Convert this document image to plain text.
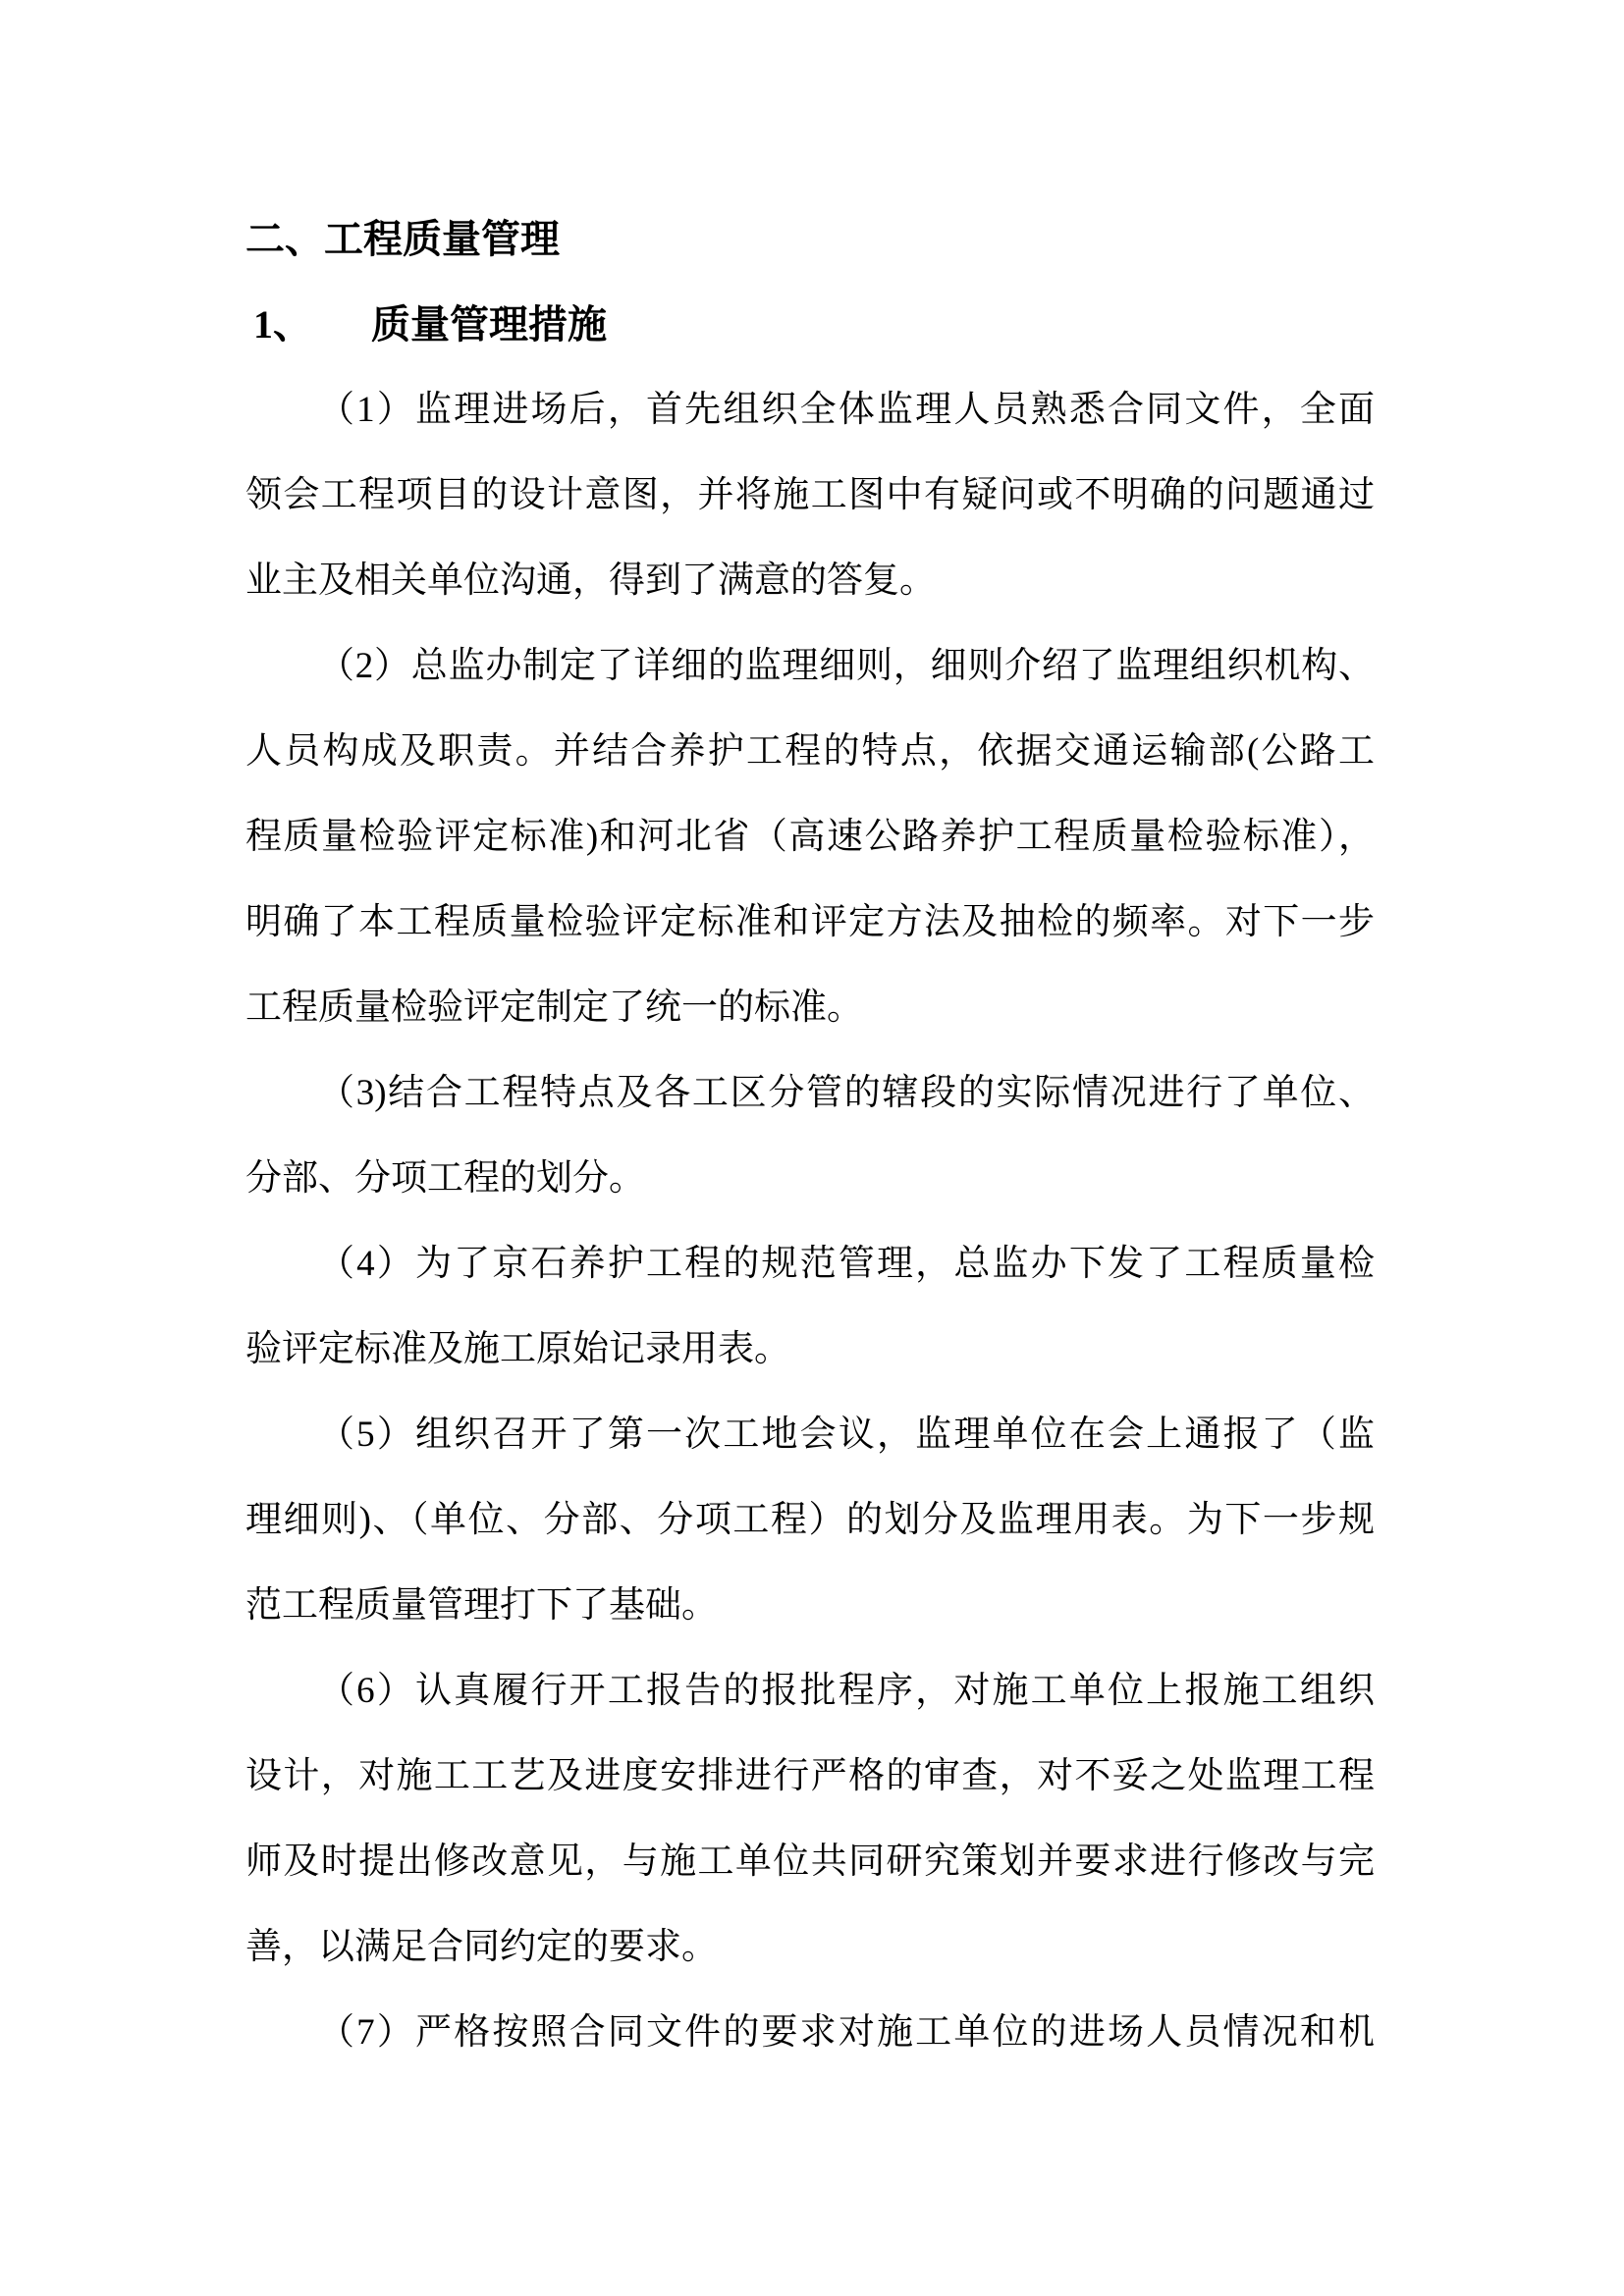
二、工程质量管理
1、 质量管理措施
（1）监理进场后，首先组织全体监理人员熟悉合同文件，全面
领会工程项目的设计意图，并将施工图中有疑问或不明确的问题通过
业主及相关单位沟通，得到了满意的答复。
（2）总监办制定了详细的监理细则，细则介绍了监理组织机构、
人员构成及职责。并结合养护工程的特点，依据交通运输部(公路工
程质量检验评定标准)和河北省（高速公路养护工程质量检验标准），
明确了本工程质量检验评定标准和评定方法及抽检的频率。对下一步
工程质量检验评定制定了统一的标准。
（3)结合工程特点及各工区分管的辖段的实际情况进行了单位、
分部、分项工程的划分。
（4）为了京石养护工程的规范管理，总监办下发了工程质量检
验评定标准及施工原始记录用表。
（5）组织召开了第一次工地会议，监理单位在会上通报了（监
理细则)、（单位、分部、分项工程）的划分及监理用表。为下一步规
范工程质量管理打下了基础。
（6）认真履行开工报告的报批程序，对施工单位上报施工组织
设计，对施工工艺及进度安排进行严格的审查，对不妥之处监理工程
师及时提出修改意见，与施工单位共同研究策划并要求进行修改与完
善，以满足合同约定的要求。
（7）严格按照合同文件的要求对施工单位的进场人员情况和机
